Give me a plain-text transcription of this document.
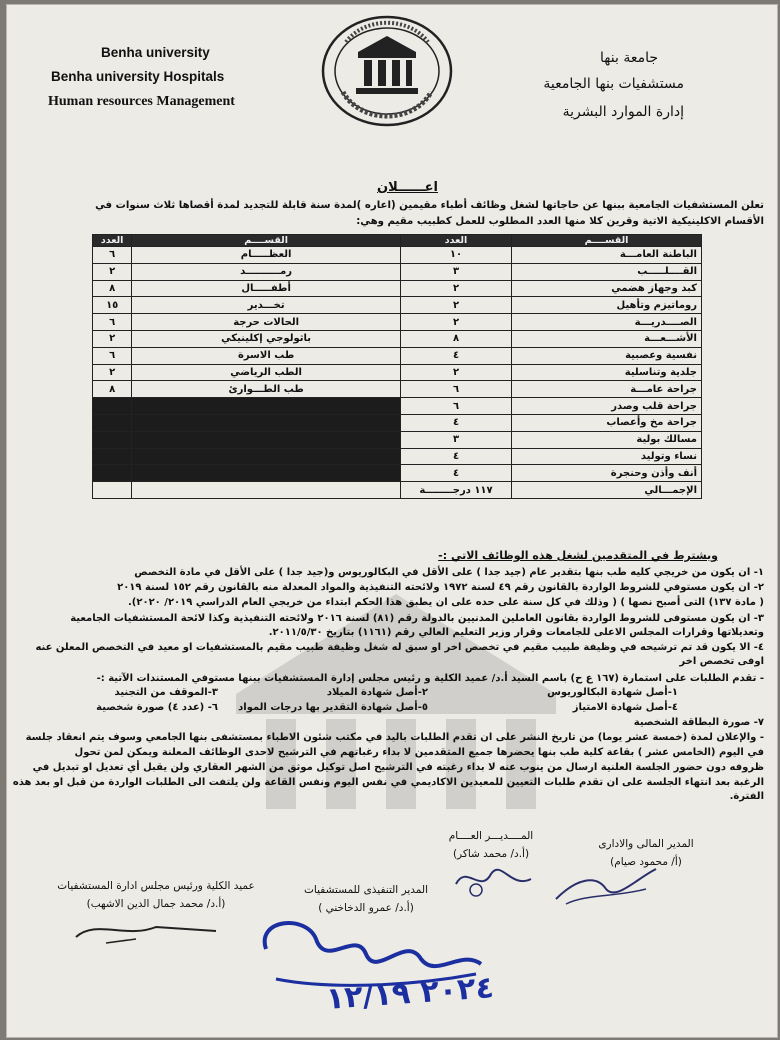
Benha university
Benha university Hospitals
Human resources Management
جامعة بنها
مستشفيات بنها الجامعية
إدارة الموارد البشرية
اعــــــلان
تعلن المستشفيات الجامعية ببنها عن حاجاتها لشغل وظائف أطباء مقيمين (اعاره )لمدة سنة قابلة للتجديد لمدة أقصاها ثلاث سنوات في
الأقسام الاكلينيكية الاتية وقرين كلا منها العدد المطلوب للعمل كطبيب مقيم وهي:
القســــم	العدد	القســــم	العدد
الباطنة العامـــة	١٠	العظـــــام	٦
القــــلـــــب	٣	رمــــــــــد	٢
كبد وجهاز هضمي	٢	أطفـــــال	٨
روماتيزم وتأهيل	٢	تخـــدير	١٥
الصــــدريـــة	٢	الحالات حرجة	٦
الأشـــعـــة	٨	باثولوجي إكلينيكي	٢
نفسية وعصبية	٤	طب الاسرة	٦
جلدية وتناسلية	٢	الطب الرياضي	٢
جراحة عامـــة	٦	طب الطـــوارئ	٨
جراحة قلب وصدر	٦		
جراحة مخ وأعصاب	٤		
مسالك بولية	٣		
نساء وتوليد	٤		
أنف وأذن وحنجرة	٤		
الإجمـــالي	١١٧ درجــــــــة		
ويشترط في المتقدمين لشغل هذه الوظائف الاتي :-
١- ان يكون من خريجي كليه طب بنها بتقدير عام (جيد جدا ) على الأقل في البكالوريوس و(جيد جدا ) على الأقل في مادة التخصص
٢- ان يكون مستوفي للشروط الواردة بالقانون رقم ٤٩ لسنة ١٩٧٢ ولائحته التنفيذية والمواد المعدلة منه بالقانون رقم ١٥٢ لسنة ٢٠١٩
( مادة ١٣٧) التى أصبح نصها ) ( وذلك في كل سنة على حده على ان يطبق هذا الحكم ابتداء من خريجي العام الدراسي ٢٠١٩/ ٢٠٢٠).
٣- ان يكون مستوفى للشروط الواردة بقانون العاملين المدنيين بالدولة رقم (٨١) لسنة ٢٠١٦ ولائحته التنفيذية وكذا لائحة المستشفيات الجامعية
وتعديلاتها وقرارات المجلس الاعلى للجامعات وقرار وزير التعليم العالي رقم (١١٦١) بتاريخ ٢٠١١/٥/٣٠.
٤- الا يكون قد تم ترشيحه في وظيفة طبيب مقيم في تخصص اخر او سبق له شغل وظيفة طبيب مقيم بالمستشفيات او معيد في التخصص المعلن عنه
اوفى تخصص اخر
- تقدم الطلبات على استمارة (١٦٧ ع ح) باسم السيد أ.د/ عميد الكلية و رئيس مجلس إدارة المستشفيات ببنها مستوفي المستندات الآتية :-
١-أصل شهادة البكالوريوس
٢-أصل شهادة الميلاد
٣-الموقف من التجنيد
٤-أصل شهادة الامتياز
٥-أصل شهادة التقدير بها درجات المواد
٦- (عدد ٤) صورة شخصية
٧- صورة البطاقة الشخصية
- والإعلان لمدة (خمسة عشر يوما) من تاريخ النشر على ان تقدم الطلبات باليد في مكتب شئون الاطباء بمستشفى بنها الجامعي وسوف يتم انعقاد جلسة
في اليوم (الخامس عشر ) بقاعة كلية طب بنها يحضرها جميع المتقدمين لا بداء رغباتهم في الترشيح لاحدى الوظائف المعلنة ويمكن لمن تحول
ظروفه دون حضور الجلسة العلنية ارسال من ينوب عنه لا بداء رغبته في الترشيح اصل توكيل موثق من الشهر العقاري ولن يقبل أي تعديل او تبديل في
الرغبة بعد انتهاء الجلسة على ان تقدم طلبات التعيين للمعيدين الاكاديمي في نفس اليوم ونفس القاعة ولن يلتفت الى الطلبات الواردة من قبل او بعد هذه
الفترة.
المدير المالى والادارى
(أ/ محمود صيام)
المــــديـــر العــــام
(أ.د/ محمد شاكر)
المدير التنفيذى للمستشفيات
(أ.د/ عمرو الدخاخني )
عميد الكلية ورئيس مجلس ادارة المستشفيات
(أ.د/ محمد جمال الدين الاشهب)
٢٠٢٤ ١٢/١٩
